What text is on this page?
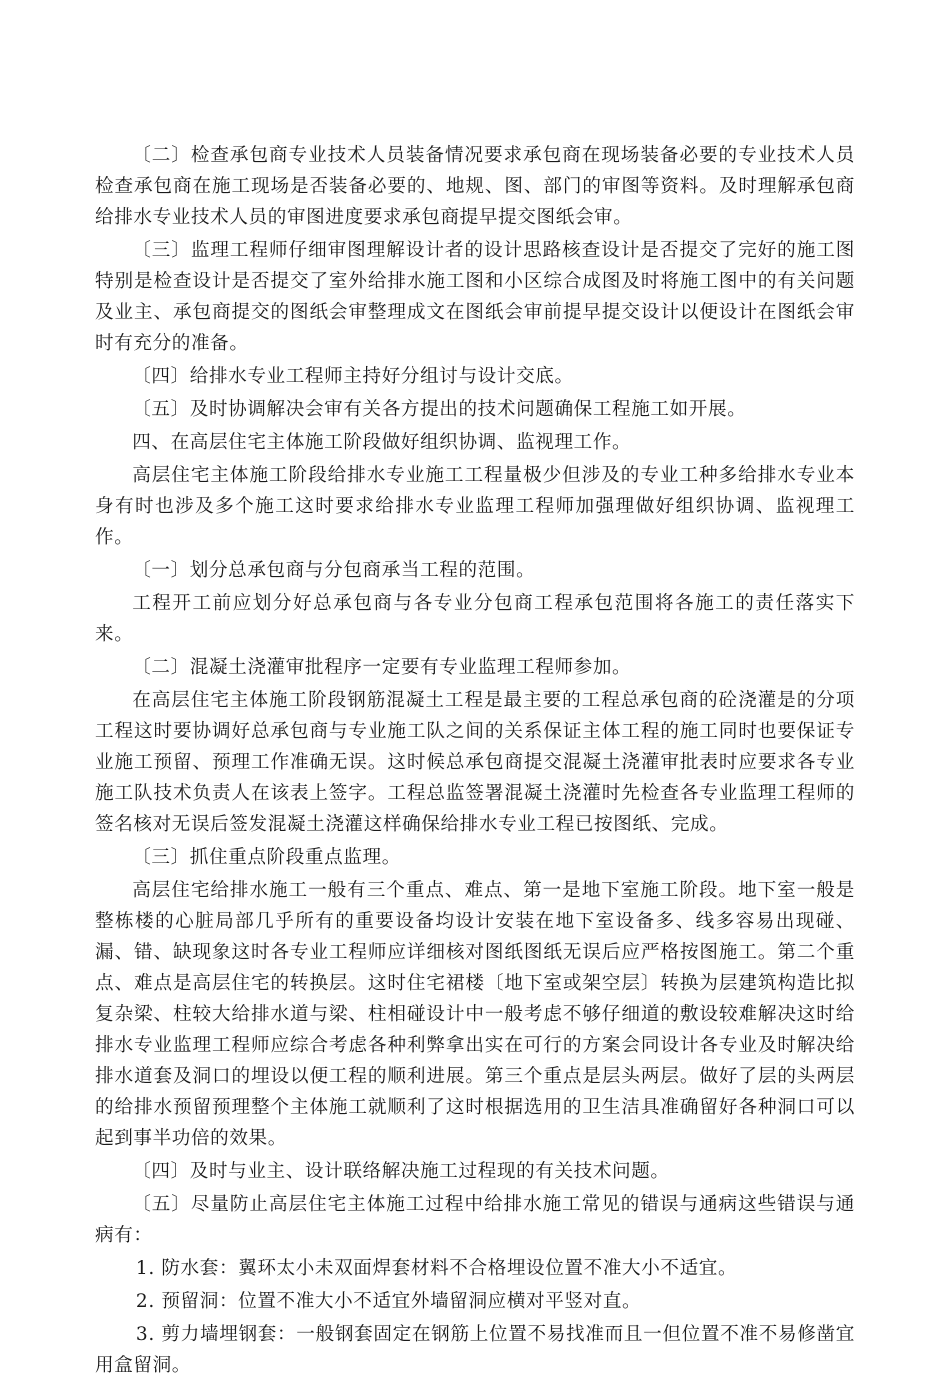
〔二〕检查承包商专业技术人员装备情况要求承包商在现场装备必要的专业技术人员检查承包商在施工现场是否装备必要的、地规、图、部门的审图等资料。及时理解承包商给排水专业技术人员的审图进度要求承包商提早提交图纸会审。

〔三〕监理工程师仔细审图理解设计者的设计思路核查设计是否提交了完好的施工图特别是检查设计是否提交了室外给排水施工图和小区综合成图及时将施工图中的有关问题及业主、承包商提交的图纸会审整理成文在图纸会审前提早提交设计以便设计在图纸会审时有充分的准备。

〔四〕给排水专业工程师主持好分组讨与设计交底。

〔五〕及时协调解决会审有关各方提出的技术问题确保工程施工如开展。

四、在高层住宅主体施工阶段做好组织协调、监视理工作。

高层住宅主体施工阶段给排水专业施工工程量极少但涉及的专业工种多给排水专业本身有时也涉及多个施工这时要求给排水专业监理工程师加强理做好组织协调、监视理工作。

〔一〕划分总承包商与分包商承当工程的范围。

工程开工前应划分好总承包商与各专业分包商工程承包范围将各施工的责任落实下来。

〔二〕混凝土浇灌审批程序一定要有专业监理工程师参加。

在高层住宅主体施工阶段钢筋混凝土工程是最主要的工程总承包商的砼浇灌是的分项工程这时要协调好总承包商与专业施工队之间的关系保证主体工程的施工同时也要保证专业施工预留、预理工作准确无误。这时候总承包商提交混凝土浇灌审批表时应要求各专业施工队技术负责人在该表上签字。工程总监签署混凝土浇灌时先检查各专业监理工程师的签名核对无误后签发混凝土浇灌这样确保给排水专业工程已按图纸、完成。

〔三〕抓住重点阶段重点监理。

高层住宅给排水施工一般有三个重点、难点、第一是地下室施工阶段。地下室一般是整栋楼的心脏局部几乎所有的重要设备均设计安装在地下室设备多、线多容易出现碰、漏、错、缺现象这时各专业工程师应详细核对图纸图纸无误后应严格按图施工。第二个重点、难点是高层住宅的转换层。这时住宅裙楼〔地下室或架空层〕转换为层建筑构造比拟复杂梁、柱较大给排水道与梁、柱相碰设计中一般考虑不够仔细道的敷设较难解决这时给排水专业监理工程师应综合考虑各种利弊拿出实在可行的方案会同设计各专业及时解决给排水道套及洞口的埋设以便工程的顺利进展。第三个重点是层头两层。做好了层的头两层的给排水预留预理整个主体施工就顺利了这时根据选用的卫生洁具准确留好各种洞口可以起到事半功倍的效果。

〔四〕及时与业主、设计联络解决施工过程现的有关技术问题。

〔五〕尽量防止高层住宅主体施工过程中给排水施工常见的错误与通病这些错误与通病有：

1. 防水套：翼环太小未双面焊套材料不合格埋设位置不准大小不适宜。

2. 预留洞：位置不准大小不适宜外墙留洞应横对平竖对直。

3. 剪力墙埋钢套：一般钢套固定在钢筋上位置不易找准而且一但位置不准不易修凿宜用盒留洞。
